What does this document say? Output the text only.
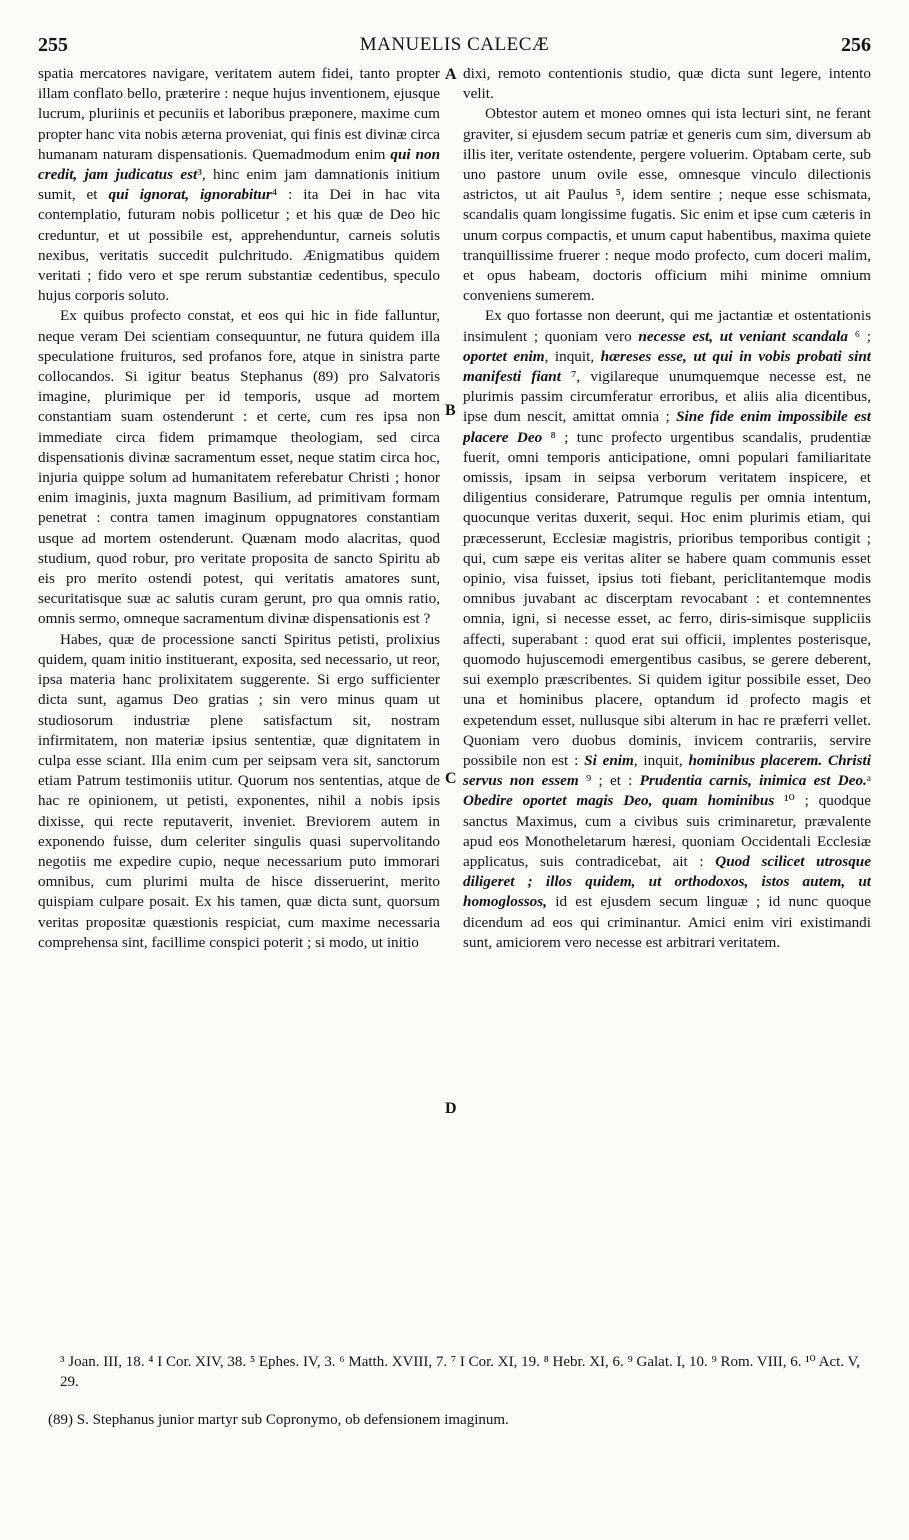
255	MANUELIS CALECÆ	256

spatia mercatores navigare, veritatem autem fidei, tanto propter illam conflato bello, præterire : neque hujus inventionem, ejusque lucrum, pluriinis et pecuniis et laboribus præponere, maxime cum propter hanc vita nobis æterna proveniat, qui finis est divinæ circa humanam naturam dispensationis. Quemadmodum enim qui non credit, jam judicatus est³, hinc enim jam damnationis initium sumit, et qui ignorat, ignorabitur⁴ : ita Dei in hac vita contemplatio, futuram nobis pollicetur ; et his quæ de Deo hic creduntur, et ut possibile est, apprehenduntur, carneis solutis nexibus, veritatis succedit pulchritudo. Ænigmatibus quidem veritati ; fido vero et spe rerum substantiæ cedentibus, speculo hujus corporis soluto.

Ex quibus profecto constat, et eos qui hic in fide falluntur, neque veram Dei scientiam consequuntur, ne futura quidem illa speculatione fruituros, sed profanos fore, atque in sinistra parte collocandos. Si igitur beatus Stephanus (89) pro Salvatoris imagine, plurimique per id temporis, usque ad mortem constantiam suam ostenderunt : et certe, cum res ipsa non immediate circa fidem primamque theologiam, sed circa dispensationis divinæ sacramentum esset, neque statim circa hoc, injuria quippe solum ad humanitatem referebatur Christi ; honor enim imaginis, juxta magnum Basilium, ad primitivam formam penetrat : contra tamen imaginum oppugnatores constantiam usque ad mortem ostenderunt. Quænam modo alacritas, quod studium, quod robur, pro veritate proposita de sancto Spiritu ab eis pro merito ostendi potest, qui veritatis amatores sunt, securitatisque suæ ac salutis curam gerunt, pro qua omnis ratio, omnis sermo, omneque sacramentum divinæ dispensationis est ?

Habes, quæ de processione sancti Spiritus petisti, prolixius quidem, quam initio instituerant, exposita, sed necessario, ut reor, ipsa materia hanc prolixitatem suggerente. Si ergo sufficienter dicta sunt, agamus Deo gratias ; sin vero minus quam ut studiosorum industriæ plene satisfactum sit, nostram infirmitatem, non materiæ ipsius sententiæ, quæ dignitatem in culpa esse sciant. Illa enim cum per seipsam vera sit, sanctorum etiam Patrum testimoniis utitur. Quorum nos sententias, atque de hac re opinionem, ut petisti, exponentes, nihil a nobis ipsis dixisse, qui recte reputaverit, inveniet. Breviorem autem in exponendo fuisse, dum celeriter singulis quasi supervolitando negotiis me expedire cupio, neque necessarium puto immorari omnibus, cum plurimi multa de hisce disseruerint, merito quispiam culpare posait. Ex his tamen, quæ dicta sunt, quorsum veritas propositæ quæstionis respiciat, cum maxime necessaria comprehensa sint, facillime conspici poterit ; si modo, ut initio

A
B
C
D

dixi, remoto contentionis studio, quæ dicta sunt legere, intento velit.

Obtestor autem et moneo omnes qui ista lecturi sint, ne ferant graviter, si ejusdem secum patriæ et generis cum sim, diversum ab illis iter, veritate ostendente, pergere voluerim. Optabam certe, sub uno pastore unum ovile esse, omnesque vinculo dilectionis astrictos, ut ait Paulus ⁵, idem sentire ; neque esse schismata, scandalis quam longissime fugatis. Sic enim et ipse cum cæteris in unum corpus compactis, et unum caput habentibus, maxima quiete tranquillissime fruerer : neque modo profecto, cum doceri malim, et opus habeam, doctoris officium mihi minime omnium conveniens sumerem.

Ex quo fortasse non deerunt, qui me jactantiæ et ostentationis insimulent ; quoniam vero necesse est, ut veniant scandala ⁶ ; oportet enim, inquit, hæreses esse, ut qui in vobis probati sint manifesti fiant ⁷, vigilareque unumquemque necesse est, ne plurimis passim circumferatur erroribus, et aliis alia dicentibus, ipse dum nescit, amittat omnia ; Sine fide enim impossibile est placere Deo ⁸ ; tunc profecto urgentibus scandalis, prudentiæ fuerit, omni temporis anticipatione, omni populari familiaritate omissis, ipsam in seipsa verborum veritatem inspicere, et diligentius considerare, Patrumque regulis per omnia intentum, quocunque veritas duxerit, sequi. Hoc enim plurimis etiam, qui præcesserunt, Ecclesiæ magistris, prioribus temporibus contigit ; qui, cum sæpe eis veritas aliter se habere quam communis esset opinio, visa fuisset, ipsius toti fiebant, periclitantemque modis omnibus juvabant ac discerptam revocabant : et contemnentes omnia, igni, si necesse esset, ac ferro, diris-simisque suppliciis affecti, superabant : quod erat sui officii, implentes posterisque, quomodo hujuscemodi emergentibus casibus, se gerere deberent, sui exemplo præscribentes. Si quidem igitur possibile esset, Deo una et hominibus placere, optandum id profecto magis et expetendum esset, nullusque sibi alterum in hac re præferri vellet. Quoniam vero duobus dominis, invicem contrariis, servire possibile non est : Si enim, inquit, hominibus placerem. Christi servus non essem ⁹ ; et : Prudentia carnis, inimica est Deo.ᵃ Obedire oportet magis Deo, quam hominibus ¹⁰ ; quodque sanctus Maximus, cum a civibus suis criminaretur, prævalente apud eos Monotheletarum hæresi, quoniam Occidentali Ecclesiæ applicatus, suis contradicebat, ait : Quod scilicet utrosque diligeret ; illos quidem, ut orthodoxos, istos autem, ut homoglossos, id est ejusdem secum linguæ ; id nunc quoque dicendum ad eos qui criminantur. Amici enim viri existimandi sunt, amiciorem vero necesse est arbitrari veritatem.

³ Joan. III, 18. ⁴ I Cor. XIV, 38. ⁵ Ephes. IV, 3. ⁶ Matth. XVIII, 7. ⁷ I Cor. XI, 19. ⁸ Hebr. XI, 6. ⁹ Galat. I, 10. ⁹ Rom. VIII, 6. ¹⁰ Act. V, 29.

(89) S. Stephanus junior martyr sub Copronymo, ob defensionem imaginum.
